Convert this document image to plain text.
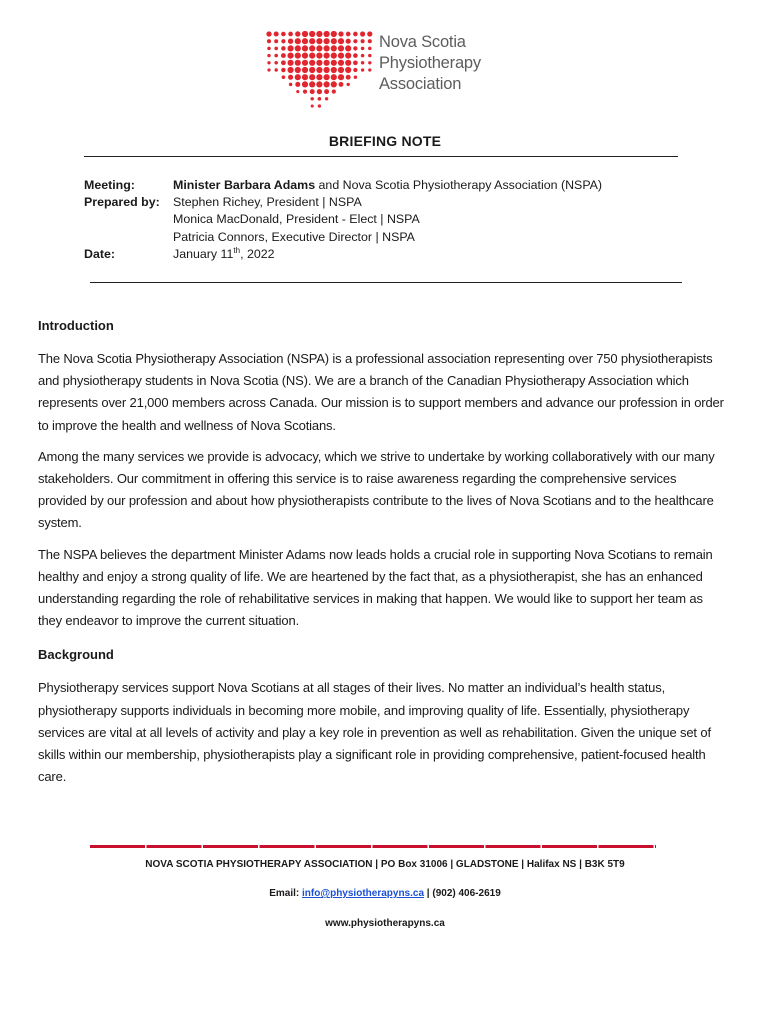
Nova Scotia
Physiotherapy
Association
BRIEFING NOTE
Meeting:	Minister Barbara Adams and Nova Scotia Physiotherapy Association (NSPA)
Prepared by: Stephen Richey, President | NSPA
Monica MacDonald, President - Elect | NSPA
Patricia Connors, Executive Director | NSPA
Date:	January 11th, 2022
Introduction

The Nova Scotia Physiotherapy Association (NSPA) is a professional association representing over 750 physiotherapists and physiotherapy students in Nova Scotia (NS). We are a branch of the Canadian Physiotherapy Association which represents over 21,000 members across Canada. Our mission is to support members and advance our profession in order to improve the health and wellness of Nova Scotians.

Among the many services we provide is advocacy, which we strive to undertake by working collaboratively with our many stakeholders. Our commitment in offering this service is to raise awareness regarding the comprehensive services provided by our profession and about how physiotherapists contribute to the lives of Nova Scotians and to the healthcare system.

The NSPA believes the department Minister Adams now leads holds a crucial role in supporting Nova Scotians to remain healthy and enjoy a strong quality of life. We are heartened by the fact that, as a physiotherapist, she has an enhanced understanding regarding the role of rehabilitative services in making that happen. We would like to support her team as they endeavor to improve the current situation.

Background

Physiotherapy services support Nova Scotians at all stages of their lives. No matter an individual’s health status, physiotherapy supports individuals in becoming more mobile, and improving quality of life. Essentially, physiotherapy services are vital at all levels of activity and play a key role in prevention as well as rehabilitation. Given the unique set of skills within our membership, physiotherapists play a significant role in providing comprehensive, patient-focused health care.

NOVA SCOTIA PHYSIOTHERAPY ASSOCIATION | PO Box 31006 | GLADSTONE | Halifax NS | B3K 5T9
Email: info@physiotherapyns.ca | (902) 406-2619
www.physiotherapyns.ca
